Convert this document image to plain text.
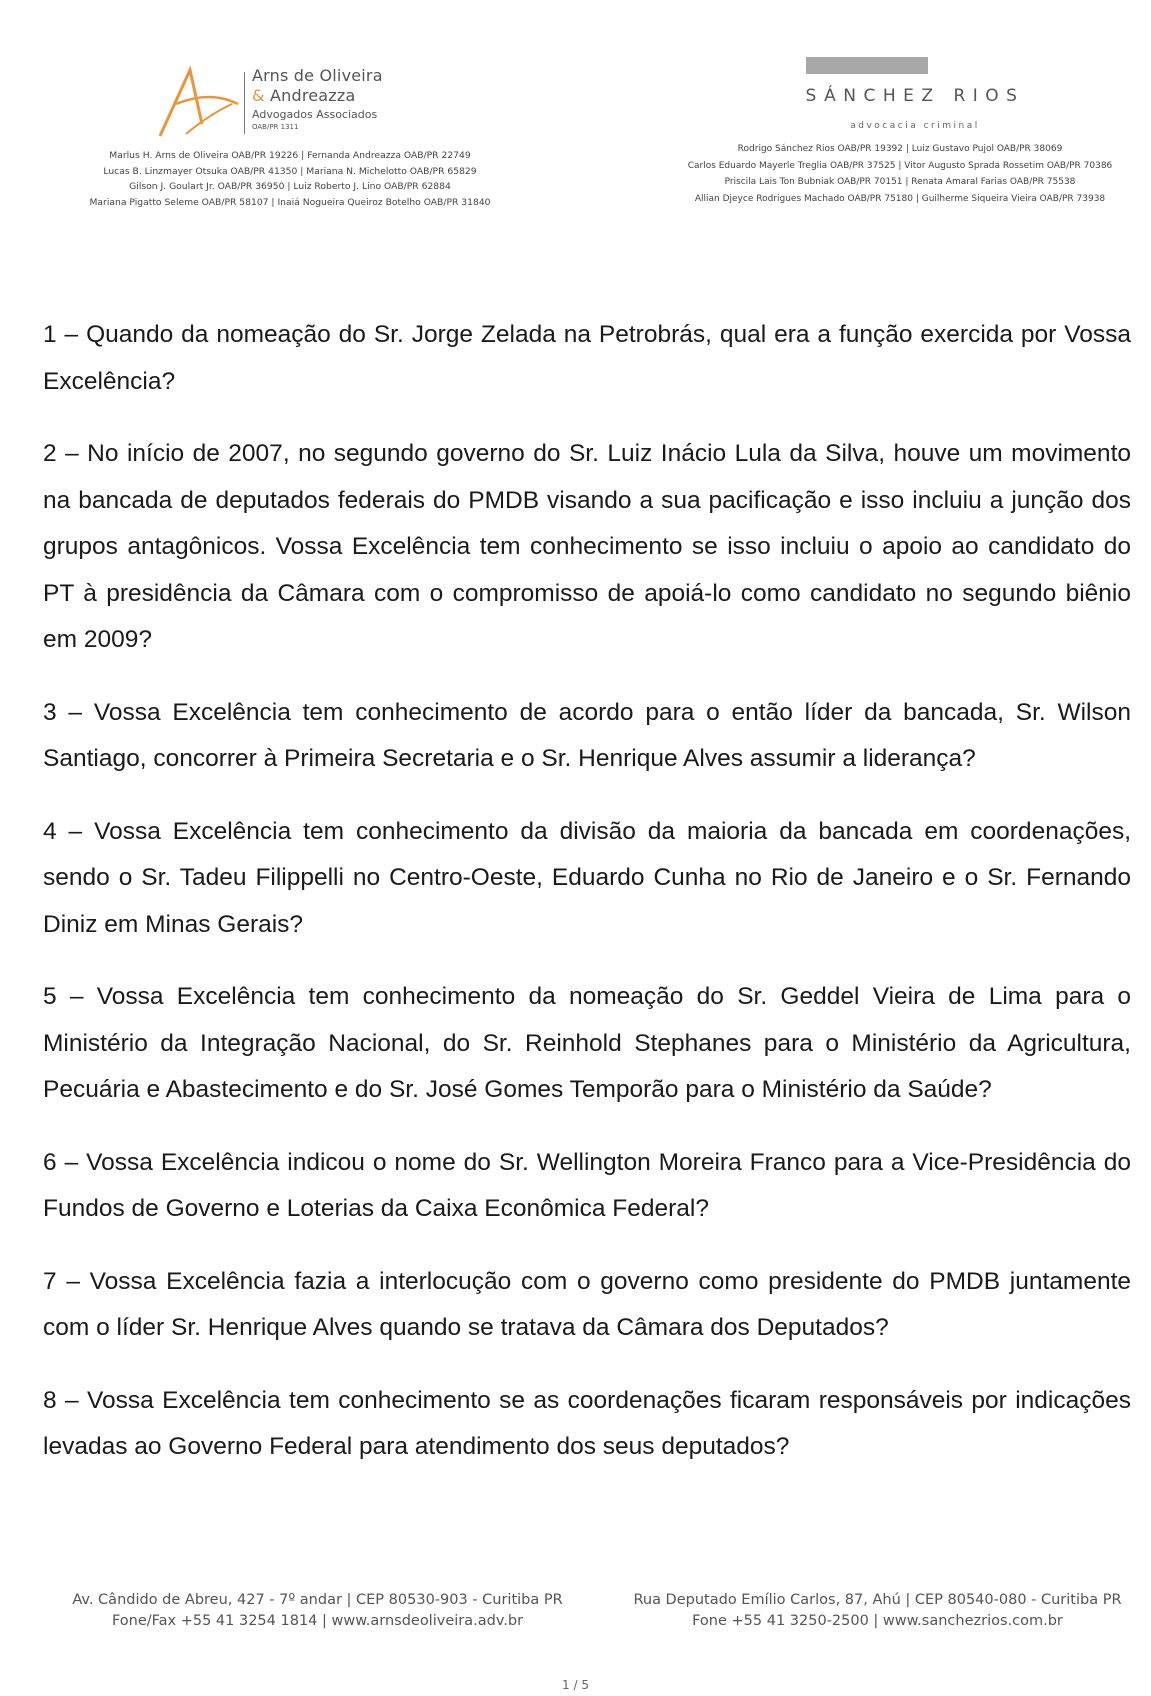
Arns de Oliveira
& Andreazza
Advogados Associados
OAB/PR 1311
Marlus H. Arns de Oliveira OAB/PR 19226 | Fernanda Andreazza OAB/PR 22749
Lucas B. Linzmayer Otsuka OAB/PR 41350 | Mariana N. Michelotto OAB/PR 65829
Gilson J. Goulart Jr. OAB/PR 36950 | Luiz Roberto J. Lino OAB/PR 62884
Mariana Pigatto Seleme OAB/PR 58107 | Inaiá Nogueira Queiroz Botelho OAB/PR 31840
SÁNCHEZ RIOS
advocacia criminal
Rodrigo Sánchez Rios OAB/PR 19392 | Luiz Gustavo Pujol OAB/PR 38069
Carlos Eduardo Mayerle Treglia OAB/PR 37525 | Vitor Augusto Sprada Rossetim OAB/PR 70386
Priscila Lais Ton Bubniak OAB/PR 70151 | Renata Amaral Farias OAB/PR 75538
Allian Djeyce Rodrigues Machado OAB/PR 75180 | Guilherme Siqueira Vieira OAB/PR 73938

1 – Quando da nomeação do Sr. Jorge Zelada na Petrobrás, qual era a função exercida por Vossa Excelência?

2 – No início de 2007, no segundo governo do Sr. Luiz Inácio Lula da Silva, houve um movimento na bancada de deputados federais do PMDB visando a sua pacificação e isso incluiu a junção dos grupos antagônicos. Vossa Excelência tem conhecimento se isso incluiu o apoio ao candidato do PT à presidência da Câmara com o compromisso de apoiá-lo como candidato no segundo biênio em 2009?

3 – Vossa Excelência tem conhecimento de acordo para o então líder da bancada, Sr. Wilson Santiago, concorrer à Primeira Secretaria e o Sr. Henrique Alves assumir a liderança?

4 – Vossa Excelência tem conhecimento da divisão da maioria da bancada em coordenações, sendo o Sr. Tadeu Filippelli no Centro-Oeste, Eduardo Cunha no Rio de Janeiro e o Sr. Fernando Diniz em Minas Gerais?

5 – Vossa Excelência tem conhecimento da nomeação do Sr. Geddel Vieira de Lima para o Ministério da Integração Nacional, do Sr. Reinhold Stephanes para o Ministério da Agricultura, Pecuária e Abastecimento e do Sr. José Gomes Temporão para o Ministério da Saúde?

6 – Vossa Excelência indicou o nome do Sr. Wellington Moreira Franco para a Vice-Presidência do Fundos de Governo e Loterias da Caixa Econômica Federal?

7 – Vossa Excelência fazia a interlocução com o governo como presidente do PMDB juntamente com o líder Sr. Henrique Alves quando se tratava da Câmara dos Deputados?

8 – Vossa Excelência tem conhecimento se as coordenações ficaram responsáveis por indicações levadas ao Governo Federal para atendimento dos seus deputados?

Av. Cândido de Abreu, 427 - 7º andar | CEP 80530-903 - Curitiba PR
Fone/Fax +55 41 3254 1814 | www.arnsdeoliveira.adv.br
Rua Deputado Emílio Carlos, 87, Ahú | CEP 80540-080 - Curitiba PR
Fone +55 41 3250-2500 | www.sanchezrios.com.br
1 / 5
